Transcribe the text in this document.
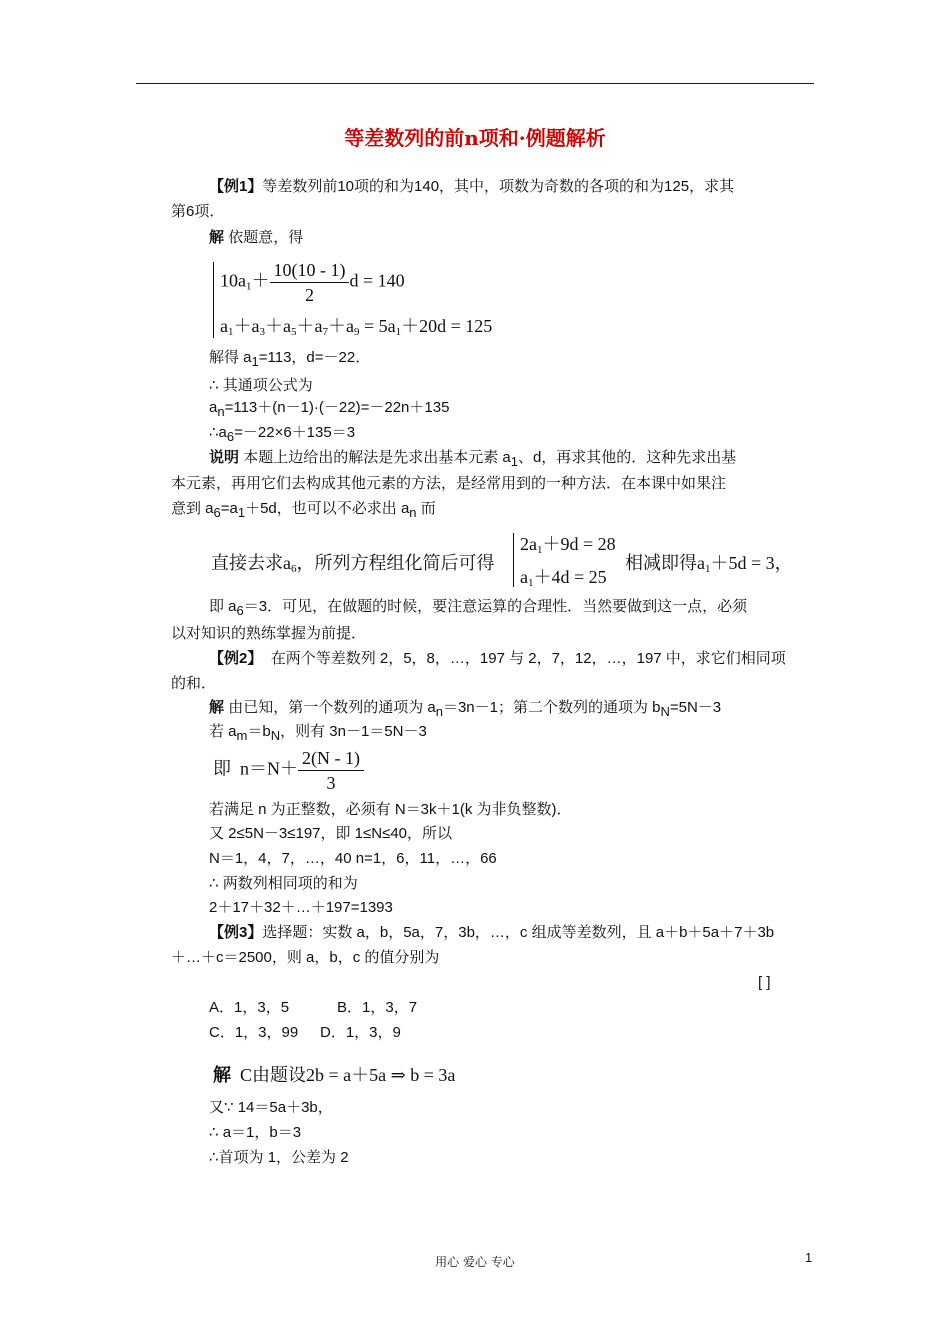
等差数列的前n项和·例题解析
【例1】等差数列前10项的和为140，其中，项数为奇数的各项的和为125，求其
第6项．
解 依题意，得
$10a_1+ \frac{10(10 - 1)}{2}$ d = 140
$a_1+a_3+a_5+a_7+a_9 = 5a_1+20d = 125$
解得 a1=113，d=－22．
∴ 其通项公式为
an=113＋(n－1)·(－22)=－22n＋135
∴a6=－22×6＋135＝3
说明 本题上边给出的解法是先求出基本元素 a1、d，再求其他的．这种先求出基
本元素，再用它们去构成其他元素的方法，是经常用到的一种方法．在本课中如果注
意到 a6=a1＋5d，也可以不必求出 an 而
直接去求$a_6$，所列方程组化简后可得
$2a_1+9d = 28$
$a_1+4d = 25$
相减即得$a_1+5d = 3$，
即 a6＝3．可见，在做题的时候，要注意运算的合理性．当然要做到这一点，必须
以对知识的熟练掌握为前提．
【例2】 在两个等差数列 2，5，8，…，197 与 2，7，12，…，197 中，求它们相同项
的和．
解 由已知，第一个数列的通项为 an＝3n－1；第二个数列的通项为 bN=5N－3
若 am＝bN，则有 3n－1＝5N－3
即 $n=N+ \frac{2(N - 1)}{3}$
若满足 n 为正整数，必须有 N＝3k＋1(k 为非负整数)．
又 2≤5N－3≤197，即 1≤N≤40，所以
N＝1，4，7，…，40 n=1，6，11，…，66
∴ 两数列相同项的和为
2＋17＋32＋…＋197=1393
【例3】选择题：实数 a，b，5a，7，3b，…，c 组成等差数列，且 a＋b＋5a＋7＋3b
＋…＋c＝2500，则 a，b，c 的值分别为
[ ]
A．1，3，5	B．1，3，7
C．1，3，99 D．1，3，9
解 C由题设2b = a＋5a ⇒ b = 3a
又∵ 14＝5a＋3b，
∴ a＝1，b＝3
∴首项为 1，公差为 2
用心 爱心 专心	1
